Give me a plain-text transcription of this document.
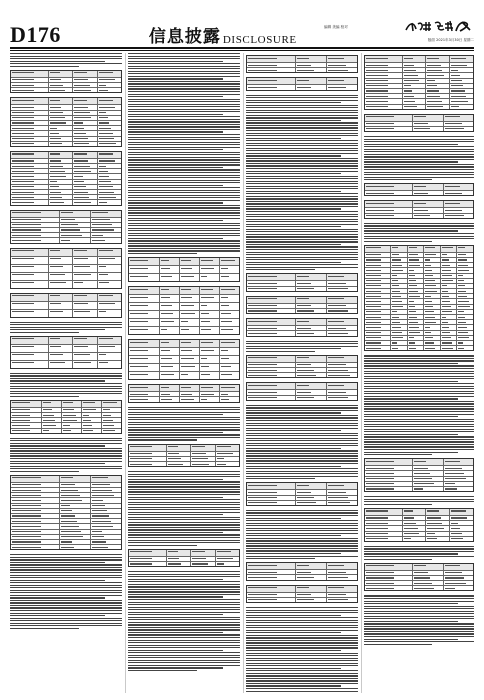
D176	信息披露 DISCLOSURE
编辑 美编 校对
版面 2021年3月30日 星期二
